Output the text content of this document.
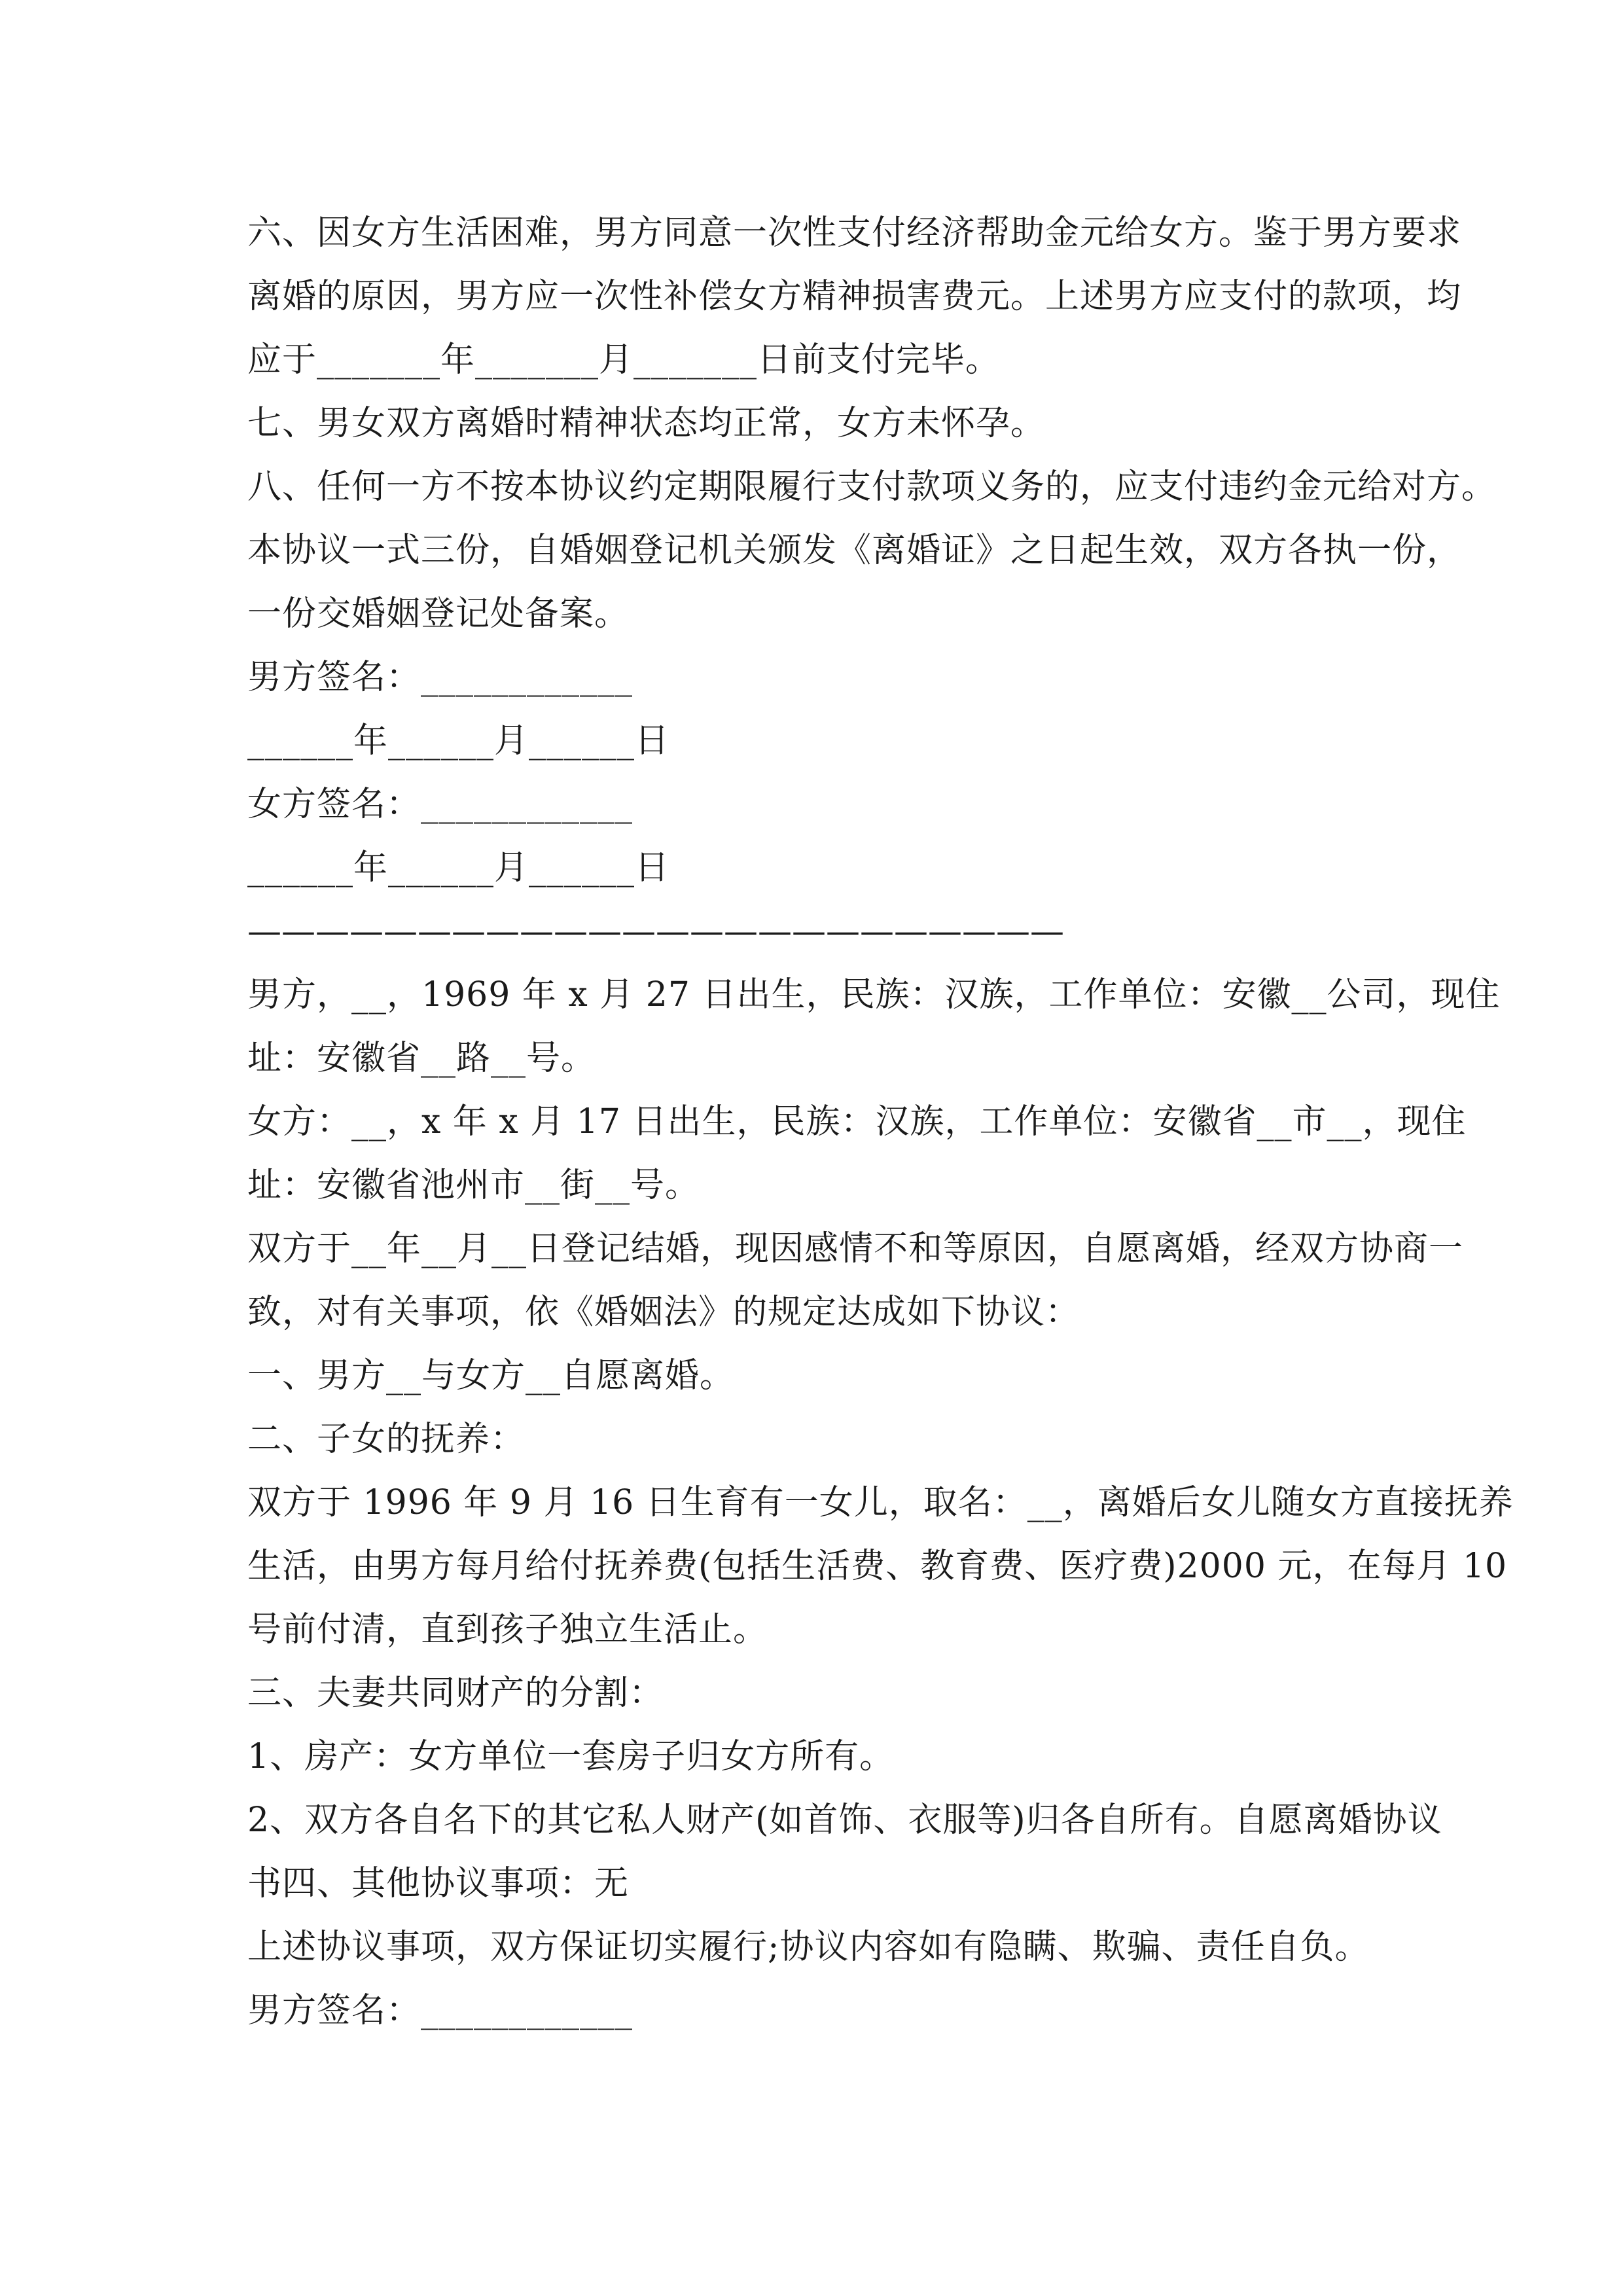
六、因女方生活困难，男方同意一次性支付经济帮助金元给女方。鉴于男方要求
离婚的原因，男方应一次性补偿女方精神损害费元。上述男方应支付的款项，均
应于_______年_______月_______日前支付完毕。
七、男女双方离婚时精神状态均正常，女方未怀孕。
八、任何一方不按本协议约定期限履行支付款项义务的，应支付违约金元给对方。
本协议一式三份，自婚姻登记机关颁发《离婚证》之日起生效，双方各执一份，
一份交婚姻登记处备案。
男方签名：____________
______年______月______日
女方签名：____________
______年______月______日
————————————————————————
男方，__，1969 年 x 月 27 日出生，民族：汉族，工作单位：安徽__公司，现住
址：安徽省__路__号。
女方：__，x 年 x 月 17 日出生，民族：汉族，工作单位：安徽省__市__，现住
址：安徽省池州市__街__号。
双方于__年__月__日登记结婚，现因感情不和等原因，自愿离婚，经双方协商一
致，对有关事项，依《婚姻法》的规定达成如下协议：
一、男方__与女方__自愿离婚。
二、子女的抚养：
双方于 1996 年 9 月 16 日生育有一女儿，取名：__，离婚后女儿随女方直接抚养
生活，由男方每月给付抚养费(包括生活费、教育费、医疗费)2000 元，在每月 10
号前付清，直到孩子独立生活止。
三、夫妻共同财产的分割：
1、房产：女方单位一套房子归女方所有。
2、双方各自名下的其它私人财产(如首饰、衣服等)归各自所有。自愿离婚协议
书四、其他协议事项：无
上述协议事项，双方保证切实履行;协议内容如有隐瞒、欺骗、责任自负。
男方签名：____________
